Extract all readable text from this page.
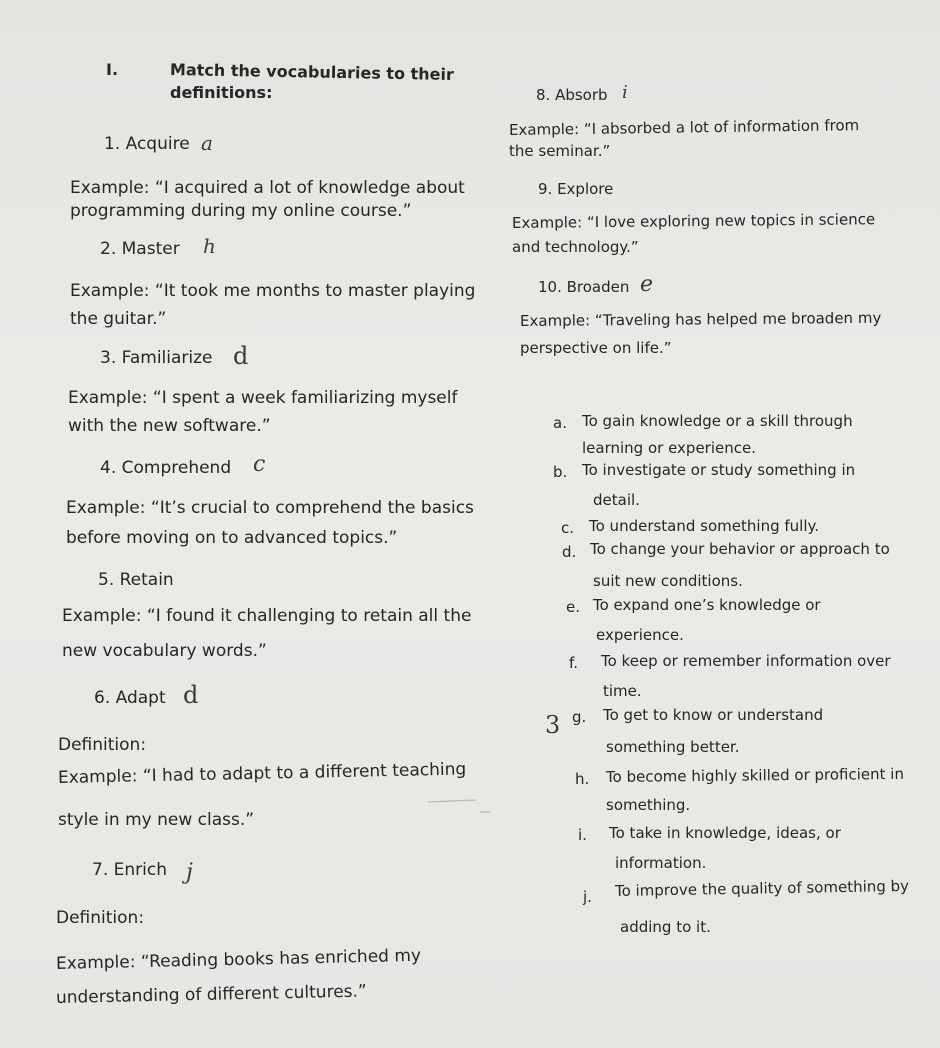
I.	Match the vocabularies to their
definitions:
1. Acquire a
Example: “I acquired a lot of knowledge about
programming during my online course.”
2. Master h
Example: “It took me months to master playing
the guitar.”
3. Familiarize d
Example: “I spent a week familiarizing myself
with the new software.”
4. Comprehend c
Example: “It’s crucial to comprehend the basics
before moving on to advanced topics.”
5. Retain
Example: “I found it challenging to retain all the
new vocabulary words.”
6. Adapt d
Definition:
Example: “I had to adapt to a different teaching
style in my new class.”
7. Enrich j
Definition:
Example: “Reading books has enriched my
understanding of different cultures.”
8. Absorb i
Example: “I absorbed a lot of information from
the seminar.”
9. Explore
Example: “I love exploring new topics in science
and technology.”
10. Broaden e
Example: “Traveling has helped me broaden my
perspective on life.”
a. To gain knowledge or a skill through
learning or experience.
b. To investigate or study something in
detail.
c. To understand something fully.
d. To change your behavior or approach to
suit new conditions.
e. To expand one’s knowledge or
experience.
f. To keep or remember information over
time.
3 g. To get to know or understand
something better.
h. To become highly skilled or proficient in
something.
i. To take in knowledge, ideas, or
information.
j. To improve the quality of something by
adding to it.
